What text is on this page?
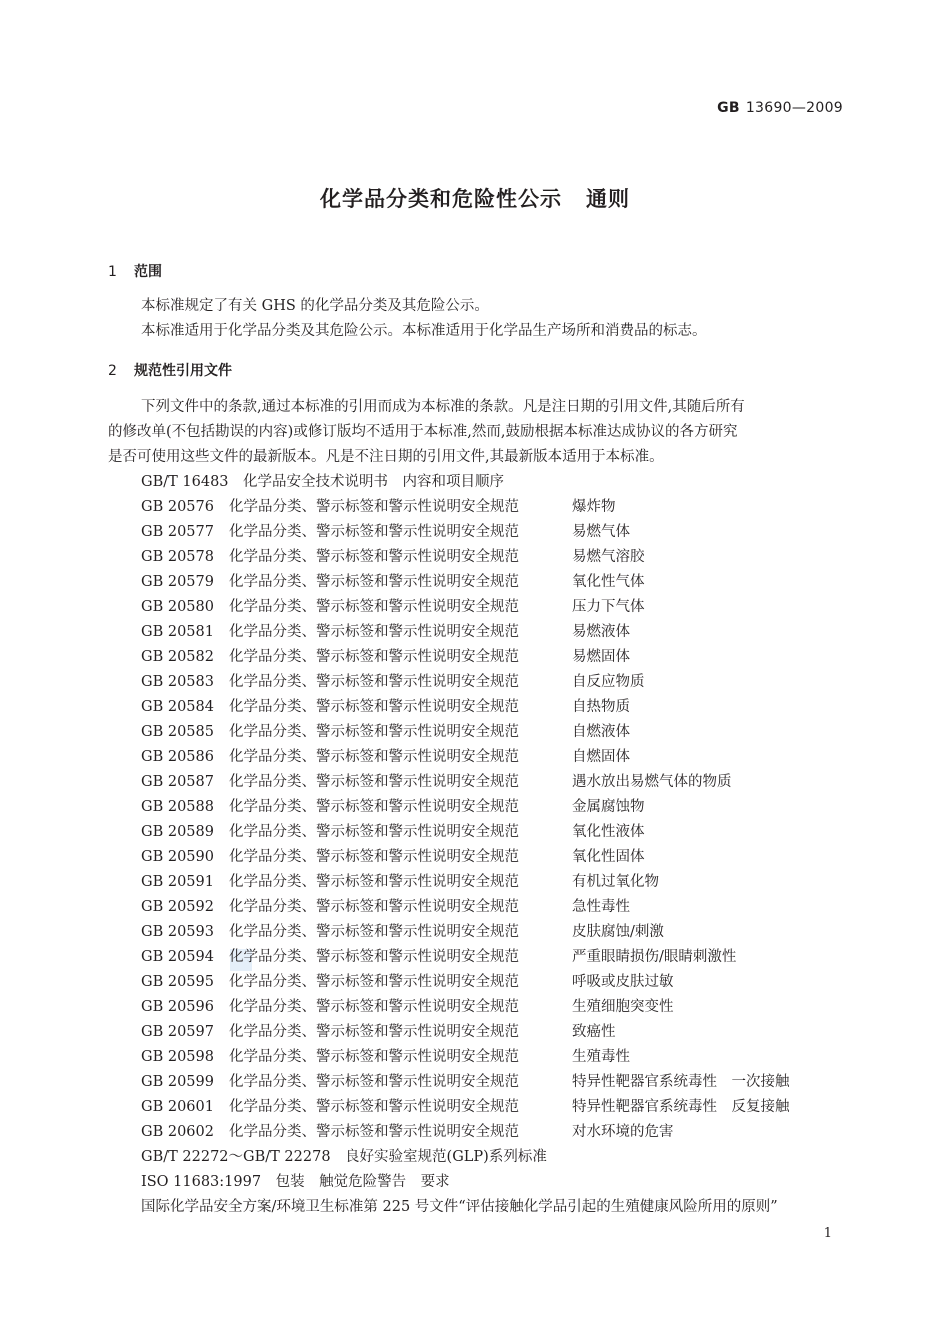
GB 13690—2009
化学品分类和危险性公示 通则
1 范围
本标准规定了有关 GHS 的化学品分类及其危险公示。
本标准适用于化学品分类及其危险公示。本标准适用于化学品生产场所和消费品的标志。
2 规范性引用文件
下列文件中的条款,通过本标准的引用而成为本标准的条款。凡是注日期的引用文件,其随后所有
的修改单(不包括勘误的内容)或修订版均不适用于本标准,然而,鼓励根据本标准达成协议的各方研究
是否可使用这些文件的最新版本。凡是不注日期的引用文件,其最新版本适用于本标准。
GB/T 16483　化学品安全技术说明书　内容和项目顺序
GB 20576 化学品分类、警示标签和警示性说明安全规范	爆炸物
GB 20577 化学品分类、警示标签和警示性说明安全规范	易燃气体
GB 20578 化学品分类、警示标签和警示性说明安全规范	易燃气溶胶
GB 20579 化学品分类、警示标签和警示性说明安全规范	氧化性气体
GB 20580 化学品分类、警示标签和警示性说明安全规范	压力下气体
GB 20581 化学品分类、警示标签和警示性说明安全规范	易燃液体
GB 20582 化学品分类、警示标签和警示性说明安全规范	易燃固体
GB 20583 化学品分类、警示标签和警示性说明安全规范	自反应物质
GB 20584 化学品分类、警示标签和警示性说明安全规范	自热物质
GB 20585 化学品分类、警示标签和警示性说明安全规范	自燃液体
GB 20586 化学品分类、警示标签和警示性说明安全规范	自燃固体
GB 20587 化学品分类、警示标签和警示性说明安全规范	遇水放出易燃气体的物质
GB 20588 化学品分类、警示标签和警示性说明安全规范	金属腐蚀物
GB 20589 化学品分类、警示标签和警示性说明安全规范	氧化性液体
GB 20590 化学品分类、警示标签和警示性说明安全规范	氧化性固体
GB 20591 化学品分类、警示标签和警示性说明安全规范	有机过氧化物
GB 20592 化学品分类、警示标签和警示性说明安全规范	急性毒性
GB 20593 化学品分类、警示标签和警示性说明安全规范	皮肤腐蚀/刺激
GB 20594 化学品分类、警示标签和警示性说明安全规范	严重眼睛损伤/眼睛刺激性
GB 20595 化学品分类、警示标签和警示性说明安全规范	呼吸或皮肤过敏
GB 20596 化学品分类、警示标签和警示性说明安全规范	生殖细胞突变性
GB 20597 化学品分类、警示标签和警示性说明安全规范	致癌性
GB 20598 化学品分类、警示标签和警示性说明安全规范	生殖毒性
GB 20599 化学品分类、警示标签和警示性说明安全规范	特异性靶器官系统毒性　一次接触
GB 20601 化学品分类、警示标签和警示性说明安全规范	特异性靶器官系统毒性　反复接触
GB 20602 化学品分类、警示标签和警示性说明安全规范	对水环境的危害
GB/T 22272～GB/T 22278　良好实验室规范(GLP)系列标准
ISO 11683:1997　包装　触觉危险警告　要求
国际化学品安全方案/环境卫生标准第 225 号文件“评估接触化学品引起的生殖健康风险所用的原则”
1
